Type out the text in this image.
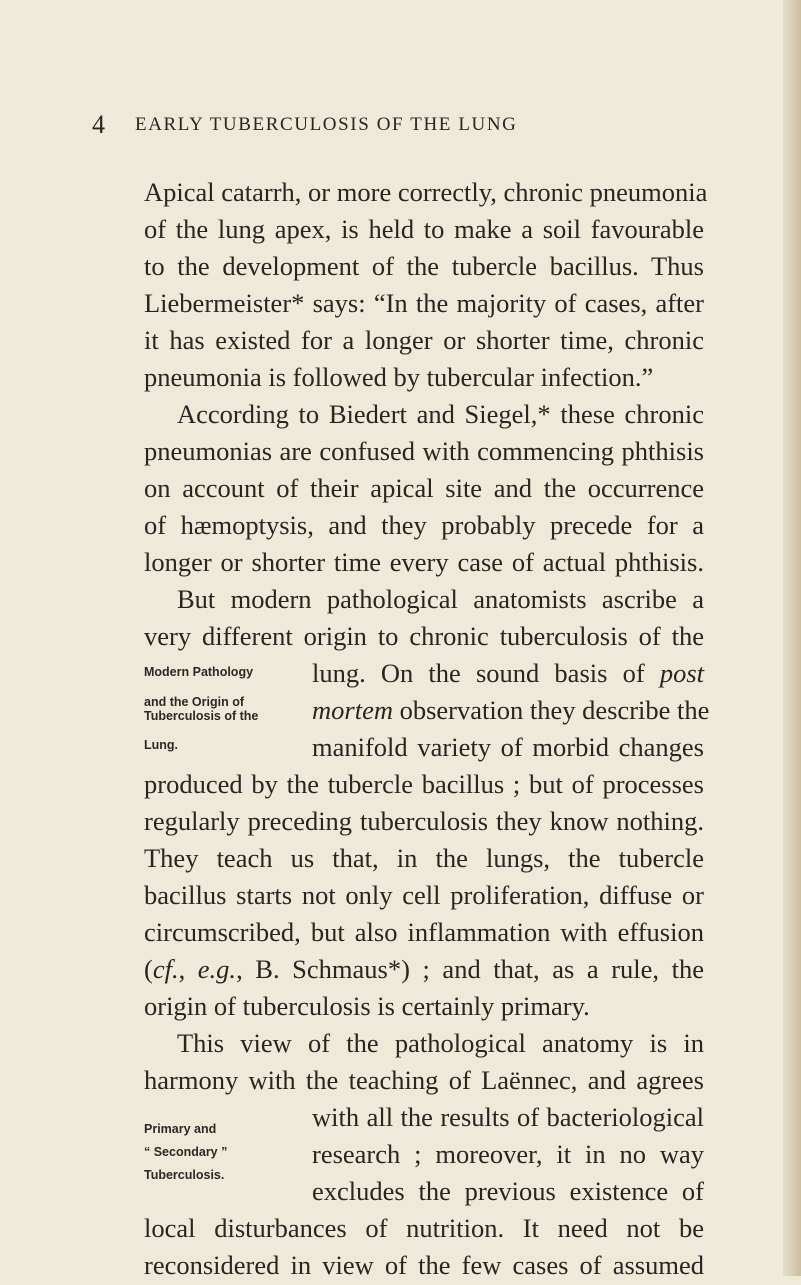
4 EARLY TUBERCULOSIS OF THE LUNG
Apical catarrh, or more correctly, chronic pneumonia
of the lung apex, is held to make a soil favourable
to the development of the tubercle bacillus. Thus
Liebermeister* says: “In the majority of cases, after
it has existed for a longer or shorter time, chronic
pneumonia is followed by tubercular infection.”
According to Biedert and Siegel,* these chronic
pneumonias are confused with commencing phthisis
on account of their apical site and the occurrence
of hæmoptysis, and they probably precede for a
longer or shorter time every case of actual phthisis.
But modern pathological anatomists ascribe a
very different origin to chronic tuberculosis of the
lung. On the sound basis of post
mortem observation they describe the
manifold variety of morbid changes
produced by the tubercle bacillus ; but of processes
regularly preceding tuberculosis they know nothing.
They teach us that, in the lungs, the tubercle
bacillus starts not only cell proliferation, diffuse or
circumscribed, but also inflammation with effusion
(cf., e.g., B. Schmaus*) ; and that, as a rule, the
origin of tuberculosis is certainly primary.
This view of the pathological anatomy is in
harmony with the teaching of Laënnec, and agrees
with all the results of bacteriological
research ; moreover, it in no way
excludes the previous existence of
local disturbances of nutrition. It need not be
reconsidered in view of the few cases of assumed
Modern Pathology
and the Origin of
Tuberculosis of the
Lung.
Primary and
“ Secondary ”
Tuberculosis.
